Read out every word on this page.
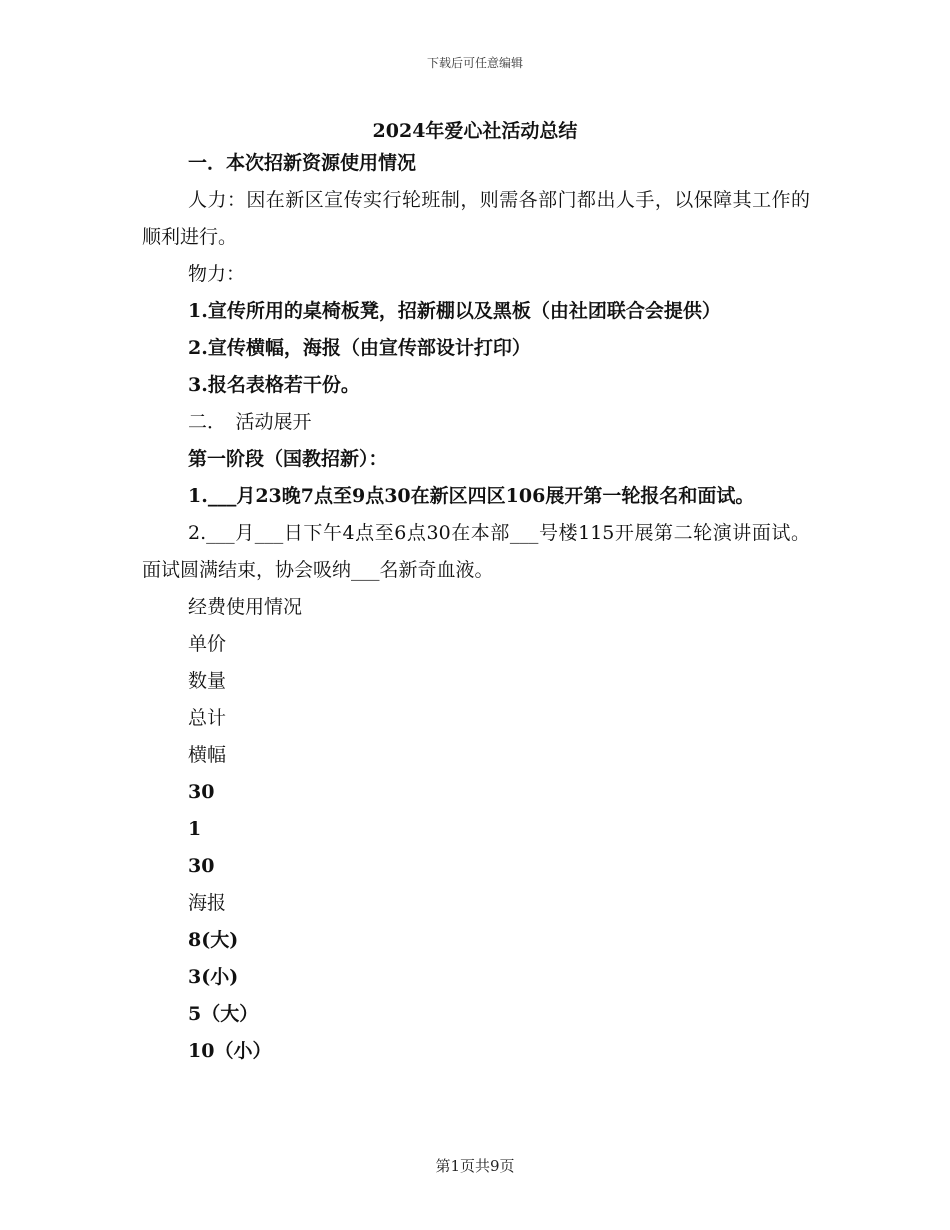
下载后可任意编辑
2024年爱心社活动总结
一．本次招新资源使用情况
人力：因在新区宣传实行轮班制，则需各部门都出人手，以保障其工作的顺利进行。
物力：
1.宣传所用的桌椅板凳，招新棚以及黑板（由社团联合会提供）
2.宣传横幅，海报（由宣传部设计打印）
3.报名表格若干份。
二．　活动展开
第一阶段（国教招新）：
1.___月23晚7点至9点30在新区四区106展开第一轮报名和面试。
2.___月___日下午4点至6点30在本部___号楼115开展第二轮演讲面试。面试圆满结束，协会吸纳___名新奇血液。
经费使用情况
单价
数量
总计
横幅
30
1
30
海报
8(大)
3(小)
5（大）
10（小）
第1页共9页
